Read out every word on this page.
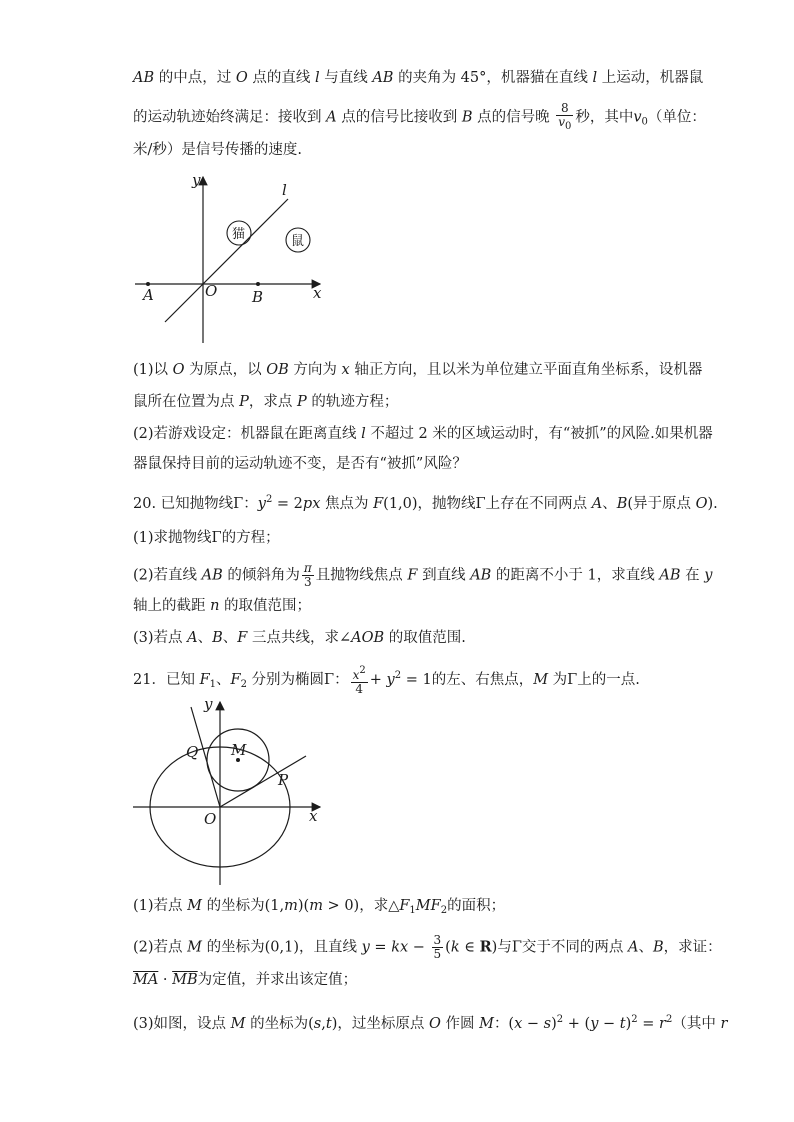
AB 的中点，过 O 点的直线 l 与直线 AB 的夹角为 45°，机器猫在直线 l 上运动，机器鼠
的运动轨迹始终满足：接收到 A 点的信号比接收到 B 点的信号晚 $\frac{8}{v_0}$ 秒，其中$v_0$（单位：
米/秒）是信号传播的速度.
y
l
猫	鼠
A	O B	x
(1)以 O 为原点，以 OB 方向为 x 轴正方向，且以米为单位建立平面直角坐标系，设机器
鼠所在位置为点 P，求点 P 的轨迹方程；
(2)若游戏设定：机器鼠在距离直线 l 不超过 2 米的区域运动时，有“被抓”的风险.如果机器
器鼠保持目前的运动轨迹不变，是否有“被抓”风险？
20. 已知抛物线Γ：$y^2 = 2px$ 焦点为 F(1,0)，抛物线Γ上存在不同两点 A、B(异于原点 O).
(1)求抛物线Γ的方程；
(2)若直线 AB 的倾斜角为 $\frac{\pi}{3}$ 且抛物线焦点 F 到直线 AB 的距离不小于 1，求直线 AB 在 y
轴上的截距 n 的取值范围；
(3)若点 A、B、F 三点共线，求∠AOB 的取值范围.
21．已知 $F_1$、$F_2$ 分别为椭圆Γ： $\frac{x^2}{4} + y^2 = 1$的左、右焦点，M 为Γ上的一点.
y
Q M
P
O	x
(1)若点 M 的坐标为(1,m)(m > 0)，求$\triangle F_1MF_2$的面积；
(2)若点 M 的坐标为(0,1)，且直线 y = kx − $\frac{3}{5} (k$ ∈ R)与Γ交于不同的两点 A、B，求证：
$\overline{MA} \cdot \overline{MB}$为定值，并求出该定值；
(3)如图，设点 M 的坐标为(s,t)，过坐标原点 O 作圆 M：$(x - s)^2 + (y - t)^2 = r^2$（其中 r
